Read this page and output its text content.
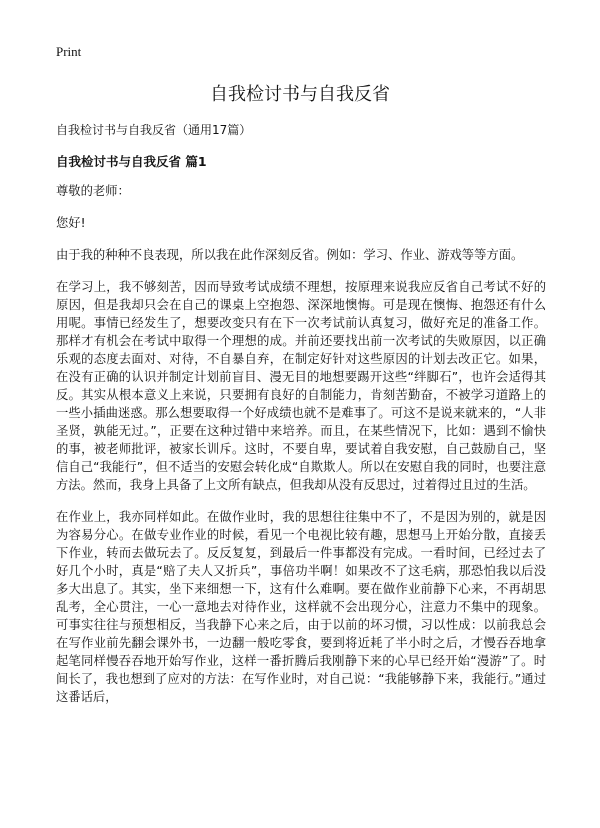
Print
自我检讨书与自我反省
自我检讨书与自我反省（通用17篇）
自我检讨书与自我反省 篇1

尊敬的老师：

您好!

由于我的种种不良表现，所以我在此作深刻反省。例如：学习、作业、游戏等等方面。

在学习上，我不够刻苦，因而导致考试成绩不理想，按原理来说我应反省自己考试不好的原因，但是我却只会在自己的课桌上空抱怨、深深地懊悔。可是现在懊悔、抱怨还有什么用呢。事情已经发生了，想要改变只有在下一次考试前认真复习，做好充足的准备工作。那样才有机会在考试中取得一个理想的成。并前还要找出前一次考试的失败原因，以正确乐观的态度去面对、对待，不自暴自弃，在制定好针对这些原因的计划去改正它。如果，在没有正确的认识并制定计划前盲目、漫无目的地想要踢开这些“绊脚石”，也许会适得其反。其实从根本意义上来说，只要拥有良好的自制能力，肯刻苦勤奋，不被学习道路上的一些小插曲迷惑。那么想要取得一个好成绩也就不是难事了。可这不是说来就来的，“人非圣贤，孰能无过。”，正要在这种过错中来培养。而且，在某些情况下，比如：遇到不愉快的事，被老师批评，被家长训斥。这时，不要自卑，要试着自我安慰，自己鼓励自己，坚信自己“我能行”，但不适当的安慰会转化成“自欺欺人。所以在安慰自我的同时，也要注意方法。然而，我身上具备了上文所有缺点，但我却从没有反思过，过着得过且过的生活。

在作业上，我亦同样如此。在做作业时，我的思想往往集中不了，不是因为别的，就是因为容易分心。在做专业作业的时候，看见一个电视比较有趣，思想马上开始分散，直接丢下作业，转而去做玩去了。反反复复，到最后一件事都没有完成。一看时间，已经过去了好几个小时，真是“赔了夫人又折兵”，事倍功半啊！如果改不了这毛病，那恐怕我以后没多大出息了。其实，坐下来细想一下，这有什么难啊。要在做作业前静下心来，不再胡思乱考，全心贯注，一心一意地去对待作业，这样就不会出现分心，注意力不集中的现象。可事实往往与预想相反，当我静下心来之后，由于以前的坏习惯，习以性成：以前我总会在写作业前先翻会课外书，一边翻一般吃零食，要到将近耗了半小时之后，才慢吞吞地拿起笔同样慢吞吞地开始写作业，这样一番折腾后我刚静下来的心早已经开始“漫游”了。时间长了，我也想到了应对的方法：在写作业时，对自己说：“我能够静下来，我能行。”通过这番话后，
